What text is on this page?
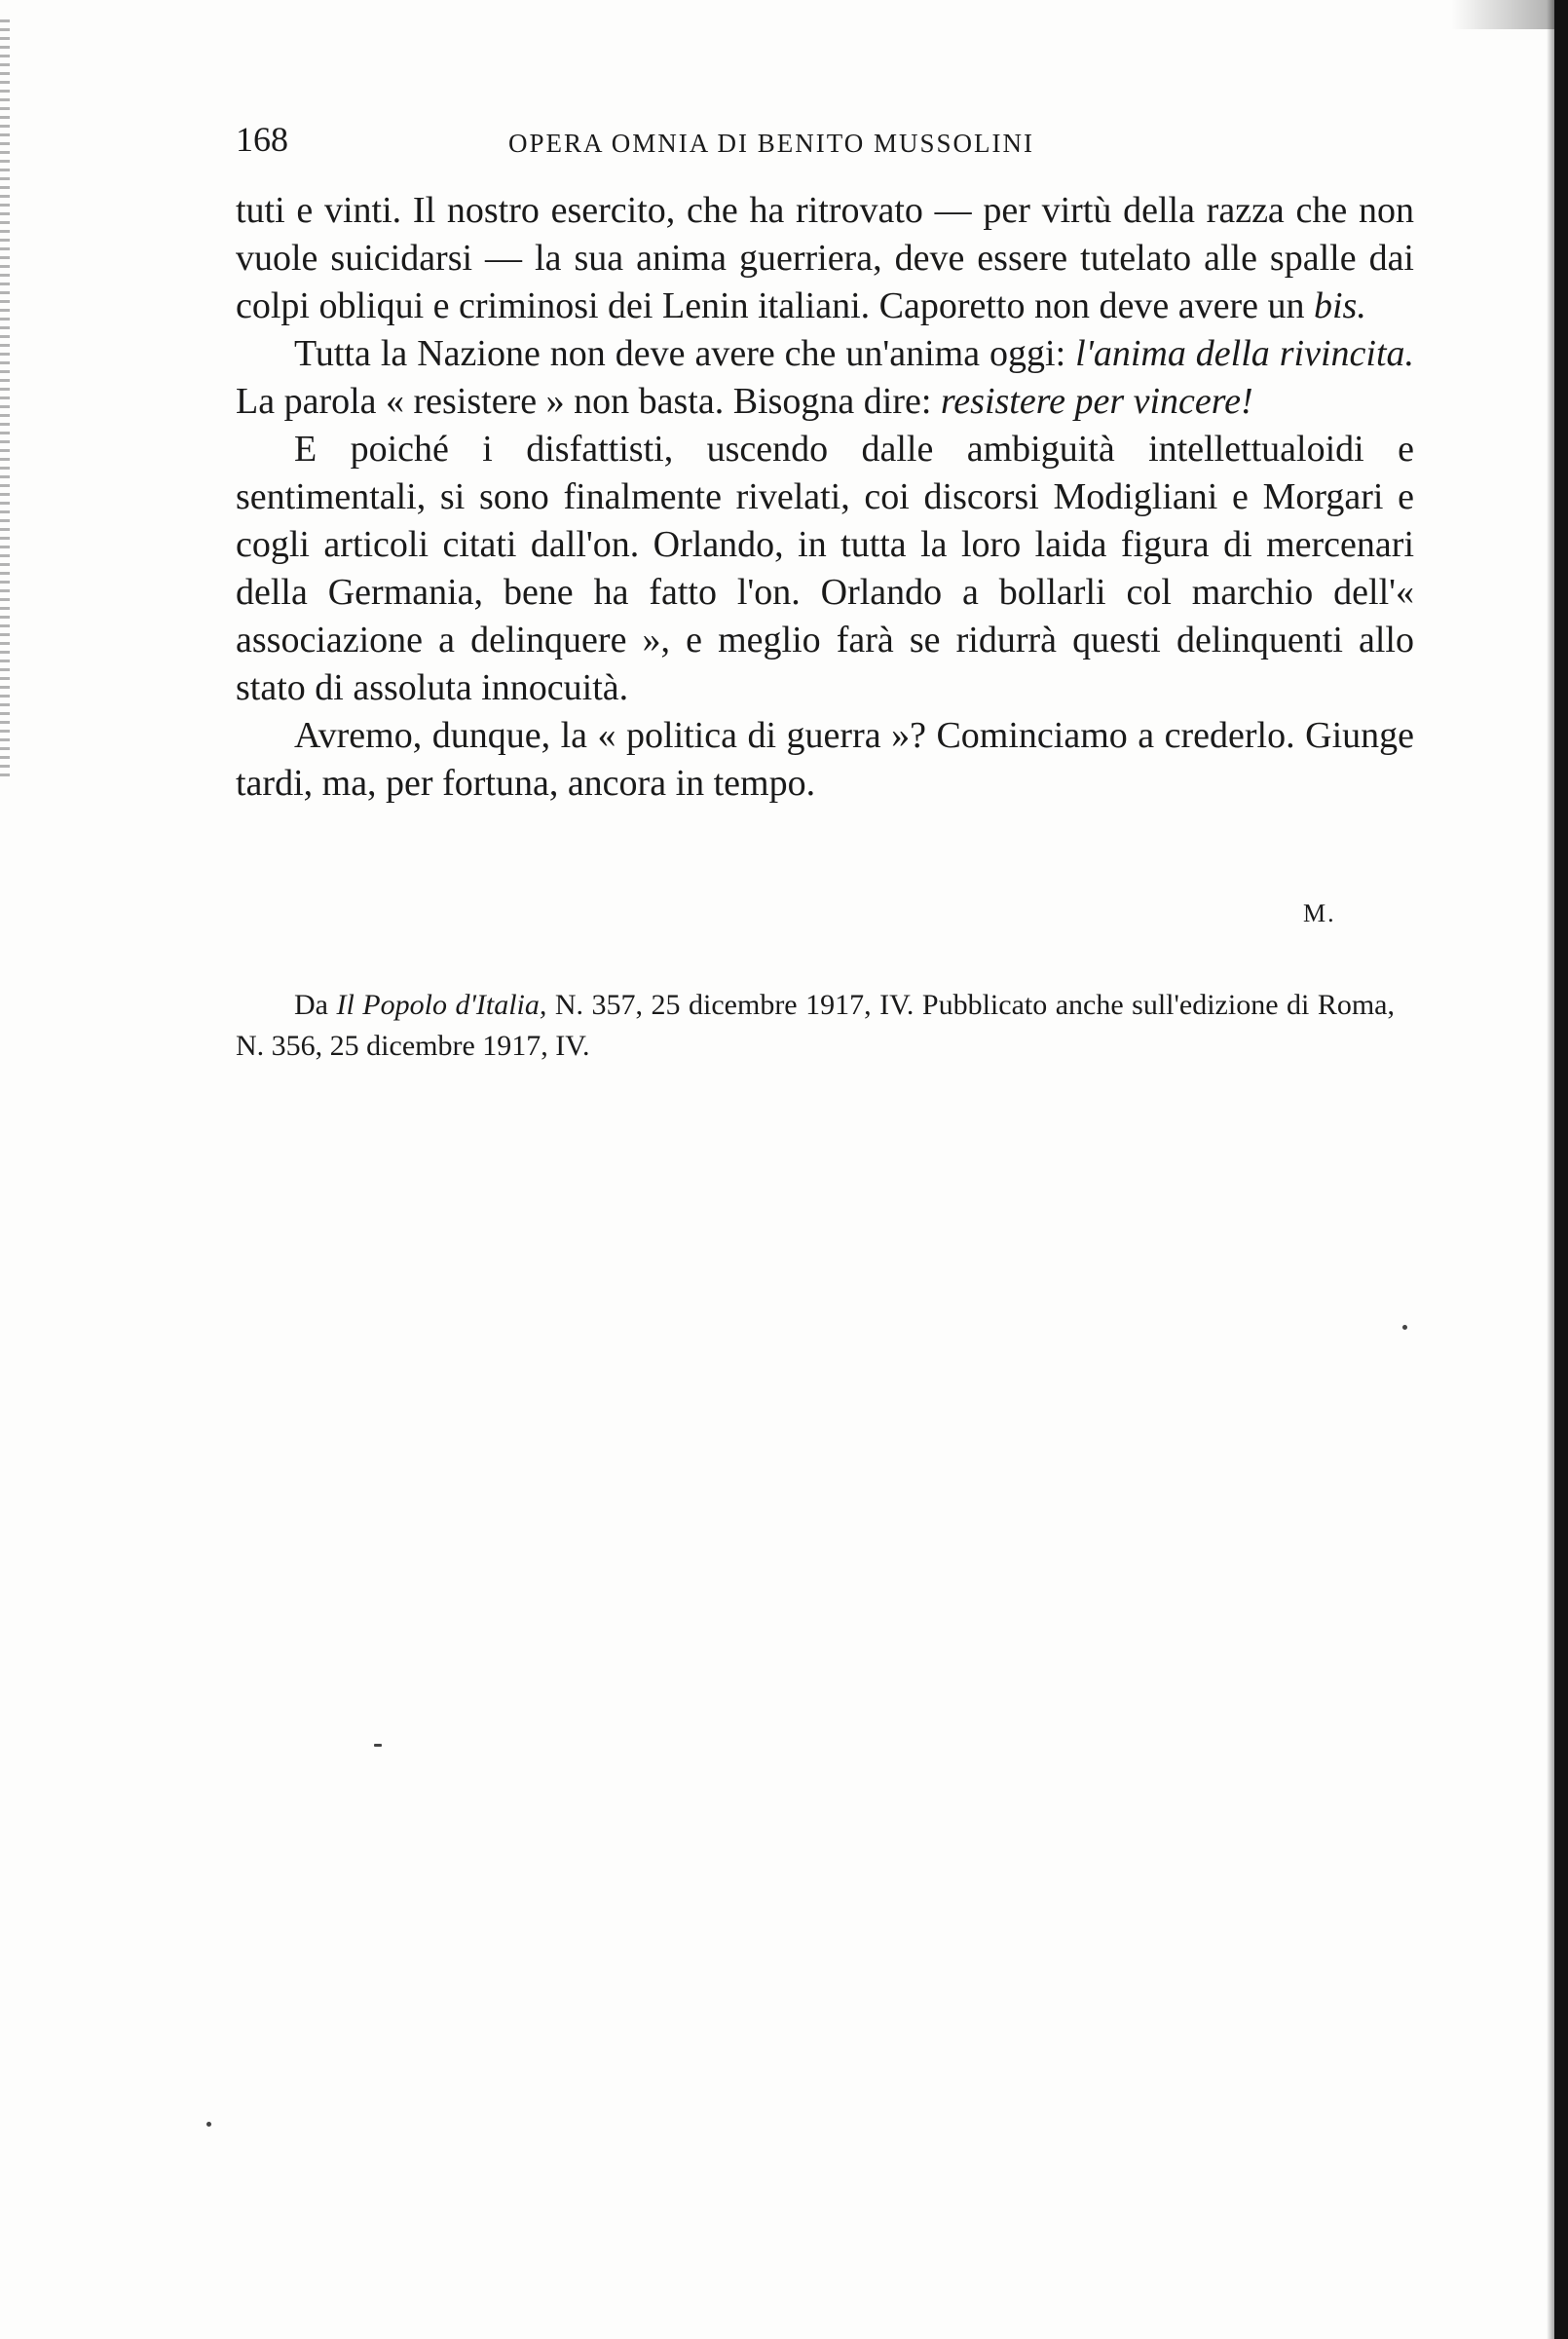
168	OPERA OMNIA DI BENITO MUSSOLINI

tuti e vinti. Il nostro esercito, che ha ritrovato — per virtù della razza che non vuole suicidarsi — la sua anima guerriera, deve essere tutelato alle spalle dai colpi obliqui e criminosi dei Lenin italiani. Caporetto non deve avere un bis.

Tutta la Nazione non deve avere che un'anima oggi: l'anima della rivincita. La parola « resistere » non basta. Bisogna dire: resistere per vincere!

E poiché i disfattisti, uscendo dalle ambiguità intellettualoidi e sentimentali, si sono finalmente rivelati, coi discorsi Modigliani e Morgari e cogli articoli citati dall'on. Orlando, in tutta la loro laida figura di mercenari della Germania, bene ha fatto l'on. Orlando a bollarli col marchio dell'« associazione a delinquere », e meglio farà se ridurrà questi delinquenti allo stato di assoluta innocuità.

Avremo, dunque, la « politica di guerra »? Cominciamo a crederlo. Giunge tardi, ma, per fortuna, ancora in tempo.

M.
Da Il Popolo d'Italia, N. 357, 25 dicembre 1917, IV. Pubblicato anche sull'edizione di Roma, N. 356, 25 dicembre 1917, IV.
